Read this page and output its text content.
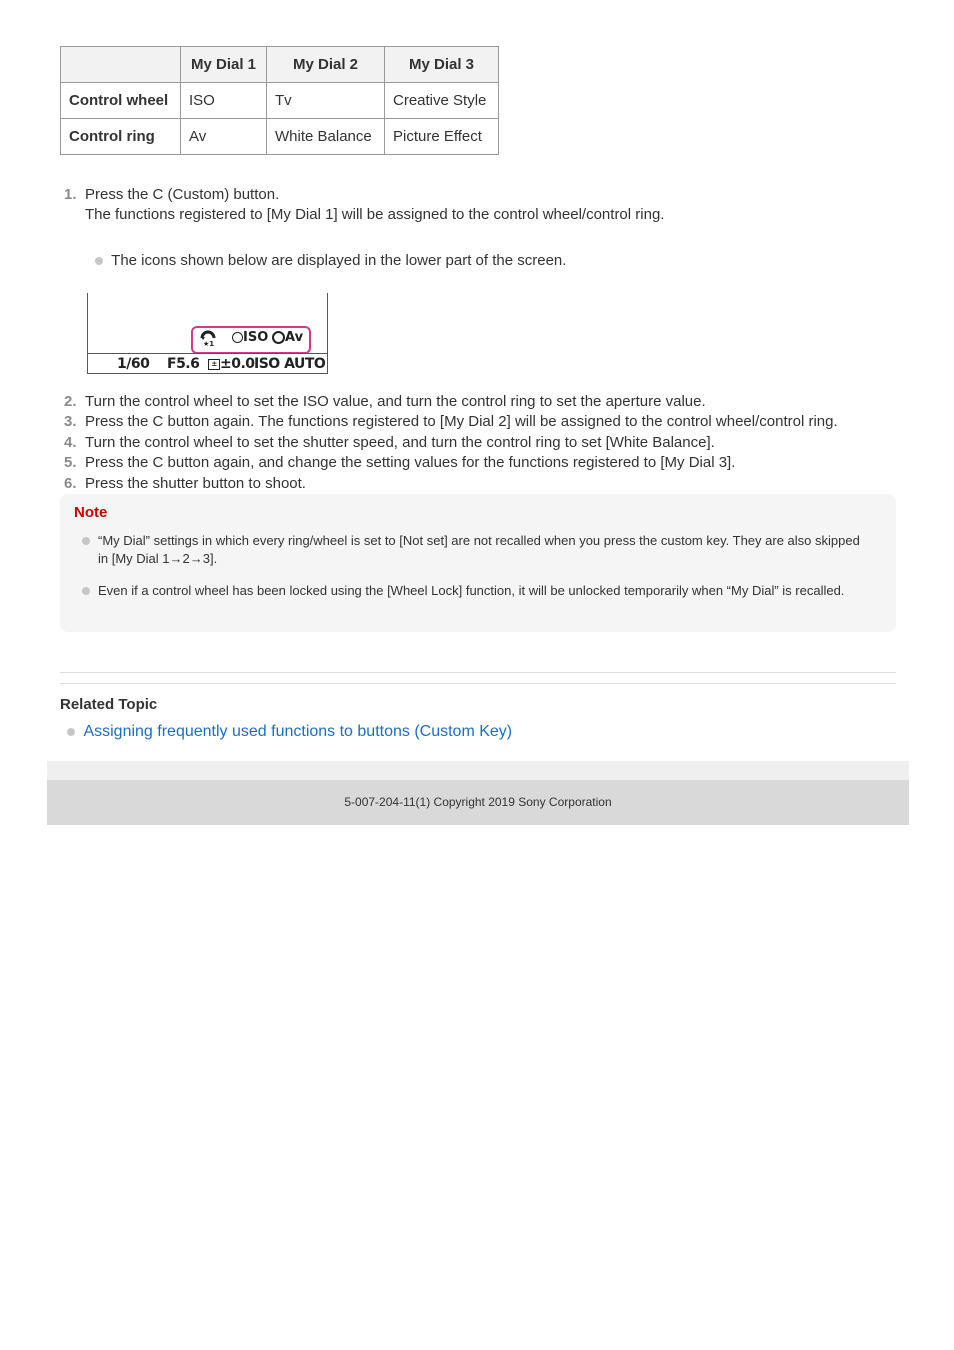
	My Dial 1	My Dial 2	My Dial 3
Control wheel	ISO	Tv	Creative Style
Control ring	Av	White Balance	Picture Effect
1. Press the C (Custom) button.
The functions registered to [My Dial 1] will be assigned to the control wheel/control ring.
The icons shown below are displayed in the lower part of the screen.
★1	ISO	Av
1/60 F5.6	± ±0.0 ISO AUTO
2. Turn the control wheel to set the ISO value, and turn the control ring to set the aperture value.
3. Press the C button again. The functions registered to [My Dial 2] will be assigned to the control wheel/control ring.
4. Turn the control wheel to set the shutter speed, and turn the control ring to set [White Balance].
5. Press the C button again, and change the setting values for the functions registered to [My Dial 3].
6. Press the shutter button to shoot.
Note
“My Dial” settings in which every ring/wheel is set to [Not set] are not recalled when you press the custom key. They are also skipped in [My Dial 1→2→3].
Even if a control wheel has been locked using the [Wheel Lock] function, it will be unlocked temporarily when “My Dial” is recalled.
Related Topic
Assigning frequently used functions to buttons (Custom Key)
5-007-204-11(1) Copyright 2019 Sony Corporation
